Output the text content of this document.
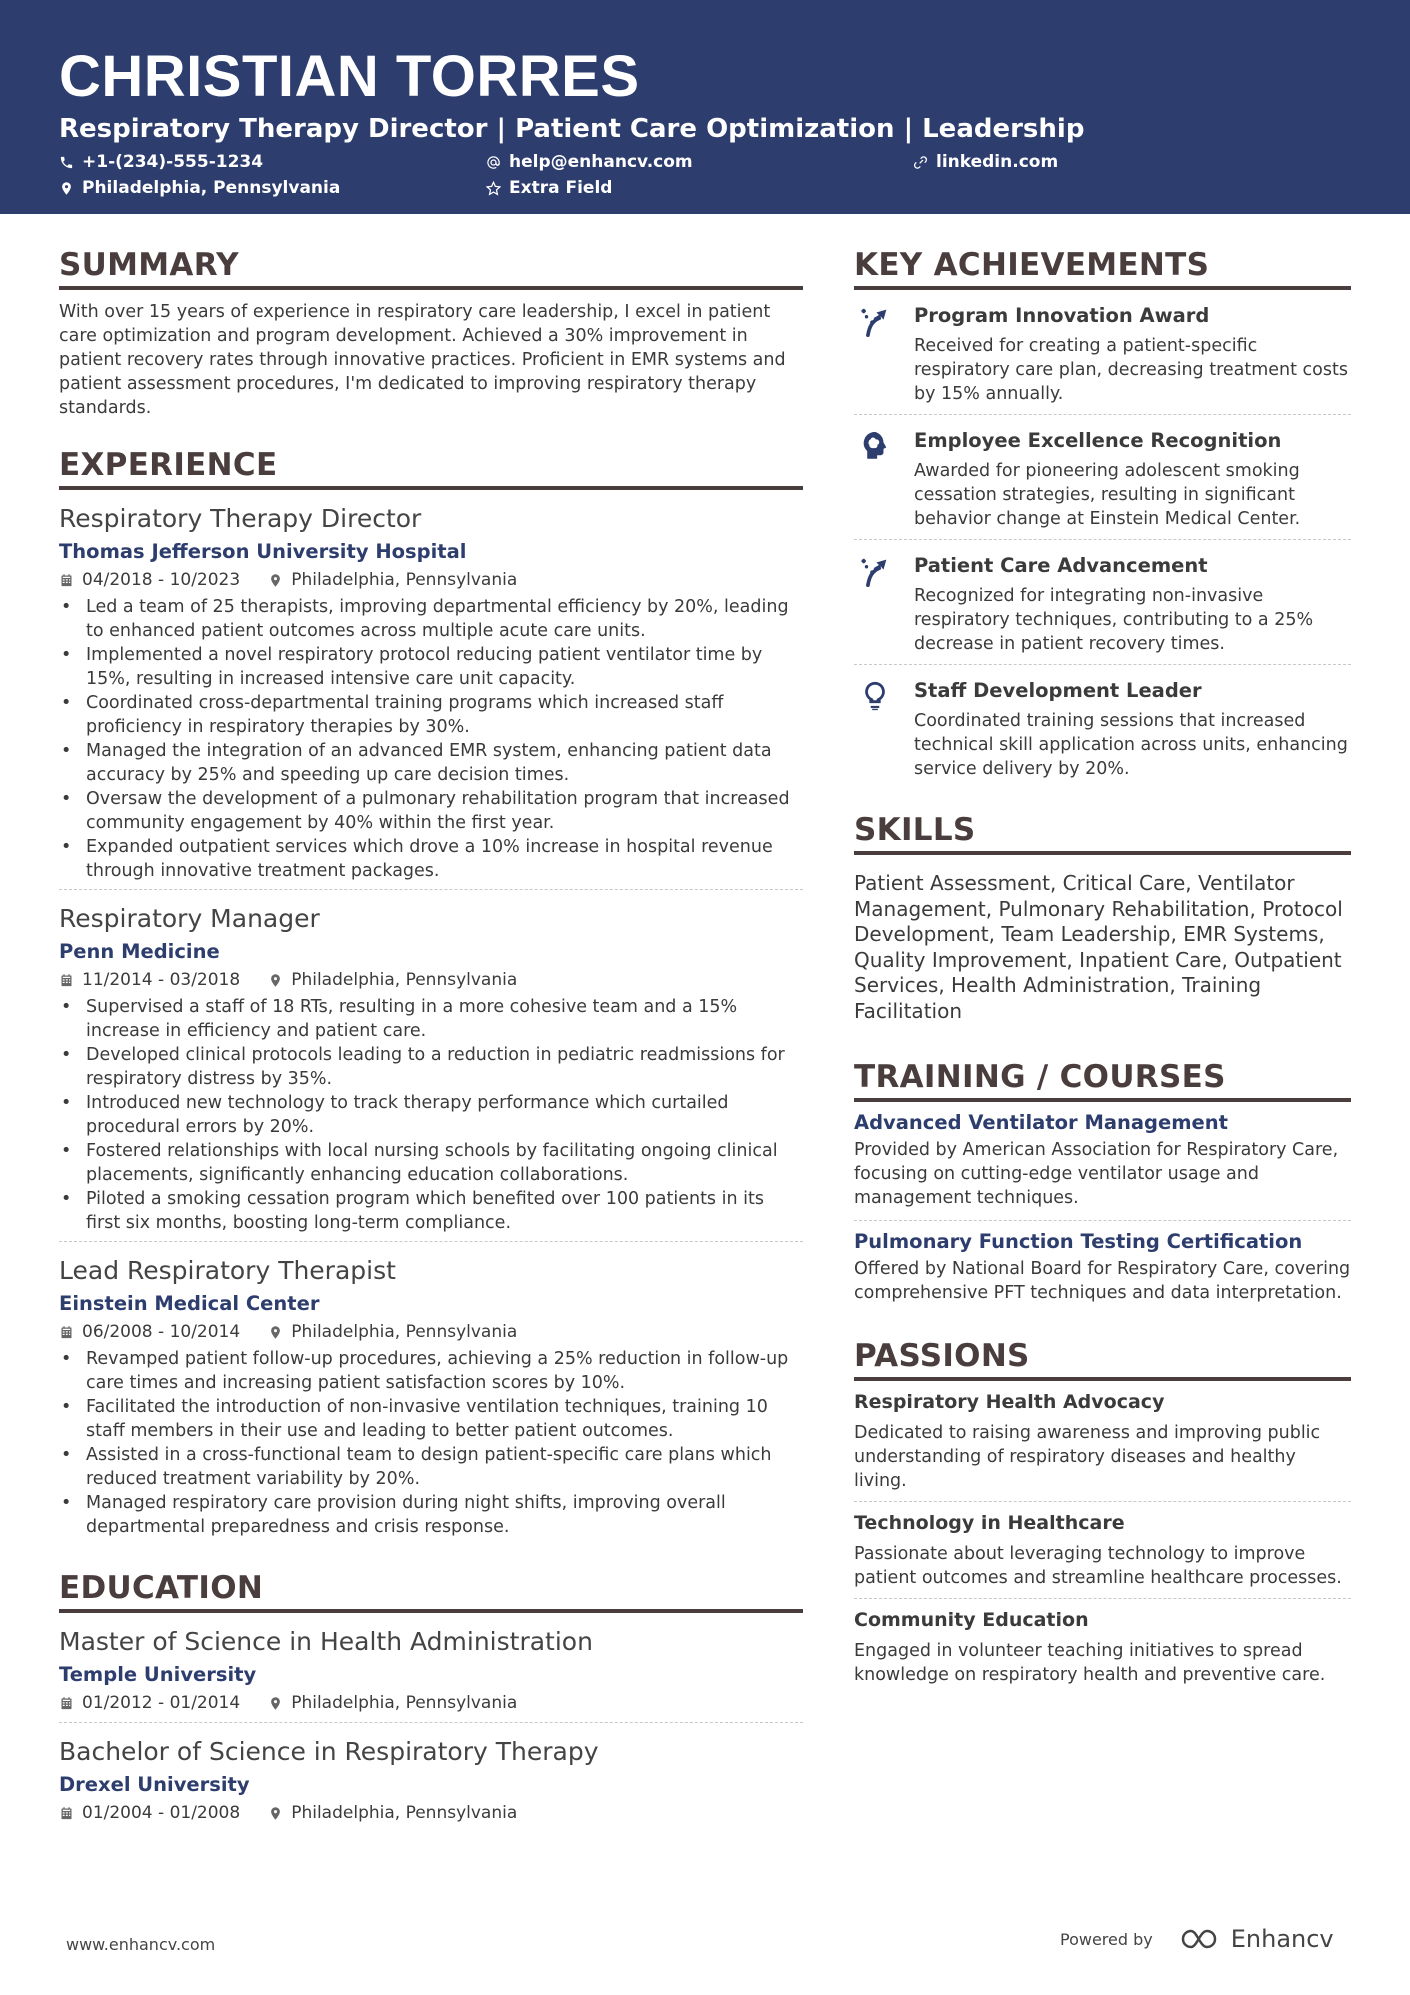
CHRISTIAN TORRES
Respiratory Therapy Director | Patient Care Optimization | Leadership
+1-(234)-555-1234	help@enhancv.com	linkedin.com
Philadelphia, Pennsylvania	Extra Field
SUMMARY
With over 15 years of experience in respiratory care leadership, I excel in patient care optimization and program development. Achieved a 30% improvement in patient recovery rates through innovative practices. Proficient in EMR systems and patient assessment procedures, I'm dedicated to improving respiratory therapy standards.
EXPERIENCE
Respiratory Therapy Director
Thomas Jefferson University Hospital
04/2018 - 10/2023	Philadelphia, Pennsylvania
• Led a team of 25 therapists, improving departmental efficiency by 20%, leading to enhanced patient outcomes across multiple acute care units.
• Implemented a novel respiratory protocol reducing patient ventilator time by 15%, resulting in increased intensive care unit capacity.
• Coordinated cross-departmental training programs which increased staff proficiency in respiratory therapies by 30%.
• Managed the integration of an advanced EMR system, enhancing patient data accuracy by 25% and speeding up care decision times.
• Oversaw the development of a pulmonary rehabilitation program that increased community engagement by 40% within the first year.
• Expanded outpatient services which drove a 10% increase in hospital revenue through innovative treatment packages.
Respiratory Manager
Penn Medicine
11/2014 - 03/2018	Philadelphia, Pennsylvania
• Supervised a staff of 18 RTs, resulting in a more cohesive team and a 15% increase in efficiency and patient care.
• Developed clinical protocols leading to a reduction in pediatric readmissions for respiratory distress by 35%.
• Introduced new technology to track therapy performance which curtailed procedural errors by 20%.
• Fostered relationships with local nursing schools by facilitating ongoing clinical placements, significantly enhancing education collaborations.
• Piloted a smoking cessation program which benefited over 100 patients in its first six months, boosting long-term compliance.
Lead Respiratory Therapist
Einstein Medical Center
06/2008 - 10/2014	Philadelphia, Pennsylvania
• Revamped patient follow-up procedures, achieving a 25% reduction in follow-up care times and increasing patient satisfaction scores by 10%.
• Facilitated the introduction of non-invasive ventilation techniques, training 10 staff members in their use and leading to better patient outcomes.
• Assisted in a cross-functional team to design patient-specific care plans which reduced treatment variability by 20%.
• Managed respiratory care provision during night shifts, improving overall departmental preparedness and crisis response.
EDUCATION
Master of Science in Health Administration
Temple University
01/2012 - 01/2014	Philadelphia, Pennsylvania
Bachelor of Science in Respiratory Therapy
Drexel University
01/2004 - 01/2008	Philadelphia, Pennsylvania
KEY ACHIEVEMENTS
Program Innovation Award
Received for creating a patient-specific respiratory care plan, decreasing treatment costs by 15% annually.
Employee Excellence Recognition
Awarded for pioneering adolescent smoking cessation strategies, resulting in significant behavior change at Einstein Medical Center.
Patient Care Advancement
Recognized for integrating non-invasive respiratory techniques, contributing to a 25% decrease in patient recovery times.
Staff Development Leader
Coordinated training sessions that increased technical skill application across units, enhancing service delivery by 20%.
SKILLS
Patient Assessment, Critical Care, Ventilator Management, Pulmonary Rehabilitation, Protocol Development, Team Leadership, EMR Systems, Quality Improvement, Inpatient Care, Outpatient Services, Health Administration, Training Facilitation
TRAINING / COURSES
Advanced Ventilator Management
Provided by American Association for Respiratory Care, focusing on cutting-edge ventilator usage and management techniques.
Pulmonary Function Testing Certification
Offered by National Board for Respiratory Care, covering comprehensive PFT techniques and data interpretation.
PASSIONS
Respiratory Health Advocacy
Dedicated to raising awareness and improving public understanding of respiratory diseases and healthy living.
Technology in Healthcare
Passionate about leveraging technology to improve patient outcomes and streamline healthcare processes.
Community Education
Engaged in volunteer teaching initiatives to spread knowledge on respiratory health and preventive care.
www.enhancv.com	Powered by	Enhancv
